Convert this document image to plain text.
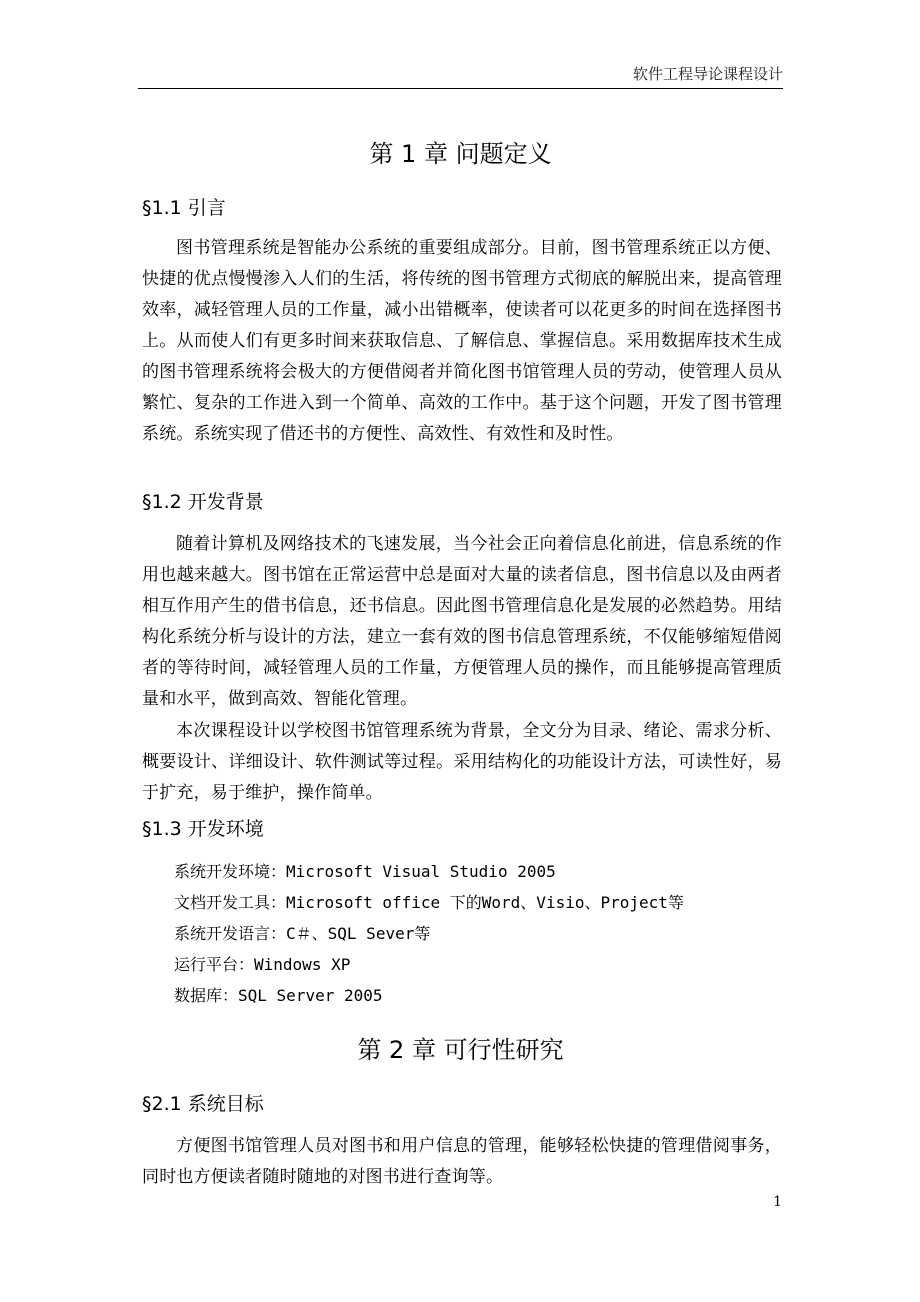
软件工程导论课程设计
第 1 章 问题定义
§1.1 引言

图书管理系统是智能办公系统的重要组成部分。目前，图书管理系统正以方便、快捷的优点慢慢渗入人们的生活，将传统的图书管理方式彻底的解脱出来，提高管理效率，减轻管理人员的工作量，减小出错概率，使读者可以花更多的时间在选择图书上。从而使人们有更多时间来获取信息、了解信息、掌握信息。采用数据库技术生成的图书管理系统将会极大的方便借阅者并简化图书馆管理人员的劳动，使管理人员从繁忙、复杂的工作进入到一个简单、高效的工作中。基于这个问题，开发了图书管理系统。系统实现了借还书的方便性、高效性、有效性和及时性。

§1.2 开发背景

随着计算机及网络技术的飞速发展，当今社会正向着信息化前进，信息系统的作用也越来越大。图书馆在正常运营中总是面对大量的读者信息，图书信息以及由两者相互作用产生的借书信息，还书信息。因此图书管理信息化是发展的必然趋势。用结构化系统分析与设计的方法，建立一套有效的图书信息管理系统，不仅能够缩短借阅者的等待时间，减轻管理人员的工作量，方便管理人员的操作，而且能够提高管理质量和水平，做到高效、智能化管理。

本次课程设计以学校图书馆管理系统为背景，全文分为目录、绪论、需求分析、概要设计、详细设计、软件测试等过程。采用结构化的功能设计方法，可读性好，易于扩充，易于维护，操作简单。

§1.3 开发环境
系统开发环境：Microsoft Visual Studio 2005
文档开发工具：Microsoft office 下的Word、Visio、Project等
系统开发语言：C＃、SQL Sever等
运行平台：Windows XP
数据库：SQL Server 2005
第 2 章 可行性研究
§2.1 系统目标

方便图书馆管理人员对图书和用户信息的管理，能够轻松快捷的管理借阅事务，同时也方便读者随时随地的对图书进行查询等。

1
